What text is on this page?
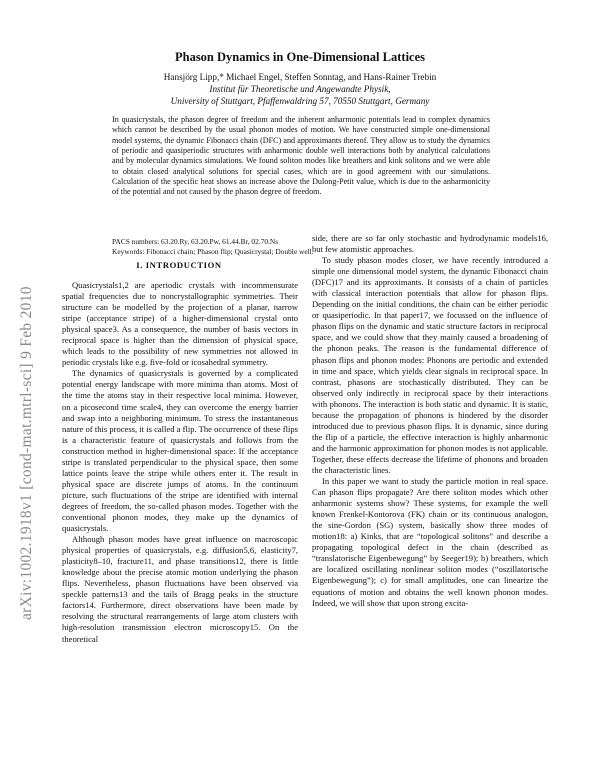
Phason Dynamics in One-Dimensional Lattices
Hansjörg Lipp,* Michael Engel, Steffen Sonntag, and Hans-Rainer Trebin
Institut für Theoretische und Angewandte Physik,
University of Stuttgart, Pfaffenwaldring 57, 70550 Stuttgart, Germany
In quasicrystals, the phason degree of freedom and the inherent anharmonic potentials lead to complex dynamics which cannot be described by the usual phonon modes of motion. We have constructed simple one-dimensional model systems, the dynamic Fibonacci chain (DFC) and approximants thereof. They allow us to study the dynamics of periodic and quasiperiodic structures with anharmonic double well interactions both by analytical calculations and by molecular dynamics simulations. We found soliton modes like breathers and kink solitons and we were able to obtain closed analytical solutions for special cases, which are in good agreement with our simulations. Calculation of the specific heat shows an increase above the Dulong-Petit value, which is due to the anharmonicity of the potential and not caused by the phason degree of freedom.
PACS numbers: 63.20.Ry, 63.20.Pw, 61.44.Br, 02.70.Ns
Keywords: Fibonacci chain; Phason flip; Quasicrystal; Double well.
arXiv:1002.1918v1 [cond-mat.mtrl-sci] 9 Feb 2010
I. INTRODUCTION

Quasicrystals1,2 are aperiodic crystals with incommensurate spatial frequencies due to noncrystallographic symmetries. Their structure can be modelled by the projection of a planar, narrow stripe (acceptance stripe) of a higher-dimensional crystal onto physical space3. As a consequence, the number of basis vectors in reciprocal space is higher than the dimension of physical space, which leads to the possibility of new symmetries not allowed in periodic crystals like e.g. five-fold or icosahedral symmetry.

The dynamics of quasicrystals is governed by a complicated potential energy landscape with more minima than atoms. Most of the time the atoms stay in their respective local minima. However, on a picosecond time scale4, they can overcome the energy barrier and swap into a neighboring minimum. To stress the instantaneous nature of this process, it is called a flip. The occurrence of these flips is a characteristic feature of quasicrystals and follows from the construction method in higher-dimensional space: If the acceptance stripe is translated perpendicular to the physical space, then some lattice points leave the stripe while others enter it. The result in physical space are discrete jumps of atoms. In the continuum picture, such fluctuations of the stripe are identified with internal degrees of freedom, the so-called phason modes. Together with the conventional phonon modes, they make up the dynamics of quasicrystals.

Although phason modes have great influence on macroscopic physical properties of quasicrystals, e.g. diffusion5,6, elasticity7, plasticity8–10, fracture11, and phase transitions12, there is little knowledge about the precise atomic motion underlying the phason flips. Nevertheless, phason fluctuations have been observed via speckle patterns13 and the tails of Bragg peaks in the structure factors14. Furthermore, direct observations have been made by resolving the structural rearrangements of large atom clusters with high-resolution transmission electron microscopy15. On the theoretical

side, there are so far only stochastic and hydrodynamic models16, but few atomistic approaches.

To study phason modes closer, we have recently introduced a simple one dimensional model system, the dynamic Fibonacci chain (DFC)17 and its approximants. It consists of a chain of particles with classical interaction potentials that allow for phason flips. Depending on the initial conditions, the chain can be either periodic or quasiperiodic. In that paper17, we focussed on the influence of phason flips on the dynamic and static structure factors in reciprocal space, and we could show that they mainly caused a broadening of the phonon peaks. The reason is the fundamental difference of phason flips and phonon modes: Phonons are periodic and extended in time and space, which yields clear signals in reciprocal space. In contrast, phasons are stochastically distributed. They can be observed only indirectly in reciprocal space by their interactions with phonons. The interaction is both static and dynamic. It is static, because the propagation of phonons is hindered by the disorder introduced due to previous phason flips. It is dynamic, since during the flip of a particle, the effective interaction is highly anharmonic and the harmonic approximation for phonon modes is not applicable. Together, these effects decrease the lifetime of phonons and broaden the characteristic lines.

In this paper we want to study the particle motion in real space. Can phason flips propagate? Are there soliton modes which other anharmonic systems show? These systems, for example the well known Frenkel-Kontorova (FK) chain or its continuous analogon, the sine-Gordon (SG) system, basically show three modes of motion18: a) Kinks, that are “topological solitons” and describe a propagating topological defect in the chain (described as “translatorische Eigenbewegung” by Seeger19); b) breathers, which are localized oscillating nonlinear soliton modes (“oszillatorische Eigenbewegung”); c) for small amplitudes, one can linearize the equations of motion and obtains the well known phonon modes. Indeed, we will show that upon strong excita-
